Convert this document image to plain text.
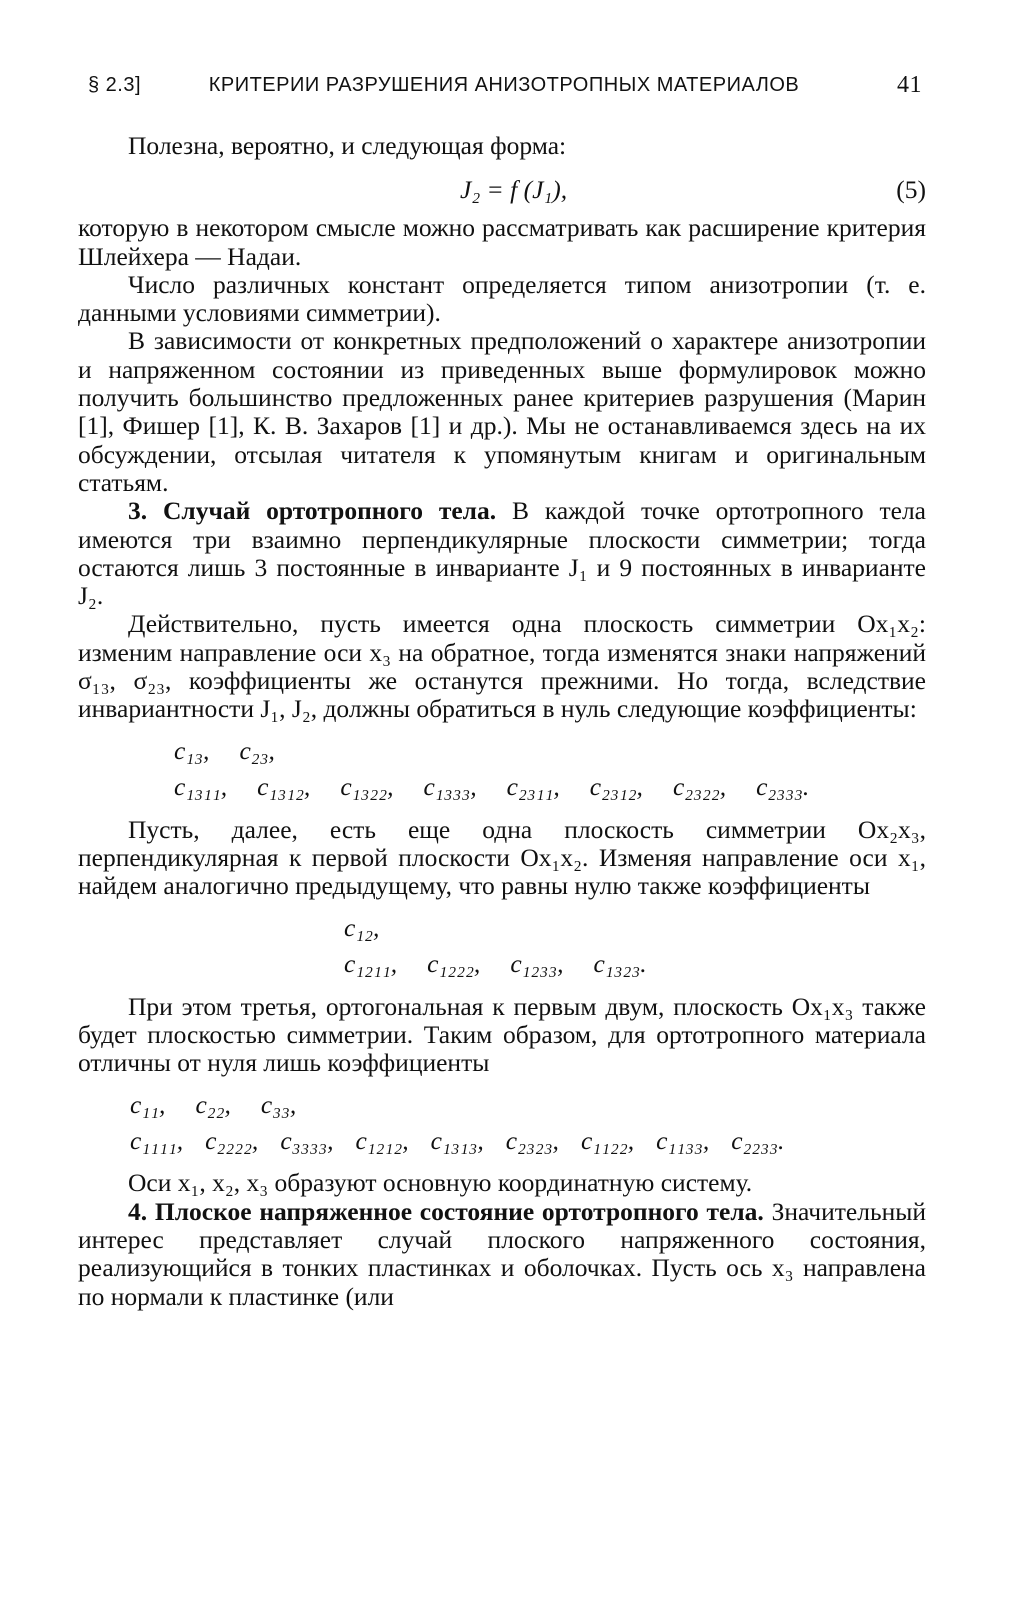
§ 2.3]	КРИТЕРИИ РАЗРУШЕНИЯ АНИЗОТРОПНЫХ МАТЕРИАЛОВ	41

Полезна, вероятно, и следующая форма:

J₂ = f (J₁),	(5)

которую в некотором смысле можно рассматривать как расширение критерия Шлейхера — Надаи.

Число различных констант определяется типом анизотропии (т. е. данными условиями симметрии).

В зависимости от конкретных предположений о характере анизотропии и напряженном состоянии из приведенных выше формулировок можно получить большинство предложенных ранее критериев разрушения (Марин [1], Фишер [1], К. В. Захаров [1] и др.). Мы не останавливаемся здесь на их обсуждении, отсылая читателя к упомянутым книгам и оригинальным статьям.

3. Случай ортотропного тела. В каждой точке ортотропного тела имеются три взаимно перпендикулярные плоскости симметрии; тогда остаются лишь 3 постоянные в инварианте J₁ и 9 постоянных в инварианте J₂.

Действительно, пусть имеется одна плоскость симметрии Ox₁x₂: изменим направление оси x₃ на обратное, тогда изменятся знаки напряжений σ₁₃, σ₂₃, коэффициенты же останутся прежними. Но тогда, вследствие инвариантности J₁, J₂, должны обратиться в нуль следующие коэффициенты:

c₁₃, c₂₃,
c₁₃₁₁, c₁₃₁₂, c₁₃₂₂, c₁₃₃₃, c₂₃₁₁, c₂₃₁₂, c₂₃₂₂, c₂₃₃₃.

Пусть, далее, есть еще одна плоскость симметрии Ox₂x₃, перпендикулярная к первой плоскости Ox₁x₂. Изменяя направление оси x₁, найдем аналогично предыдущему, что равны нулю также коэффициенты

c₁₂,
c₁₂₁₁, c₁₂₂₂, c₁₂₃₃, c₁₃₂₃.

При этом третья, ортогональная к первым двум, плоскость Ox₁x₃ также будет плоскостью симметрии. Таким образом, для ортотропного материала отличны от нуля лишь коэффициенты

c₁₁, c₂₂, c₃₃,
c₁₁₁₁, c₂₂₂₂, c₃₃₃₃, c₁₂₁₂, c₁₃₁₃, c₂₃₂₃, c₁₁₂₂, c₁₁₃₃, c₂₂₃₃.

Оси x₁, x₂, x₃ образуют основную координатную систему.

4. Плоское напряженное состояние ортотропного тела. Значительный интерес представляет случай плоского напряженного состояния, реализующийся в тонких пластинках и оболочках. Пусть ось x₃ направлена по нормали к пластинке (или
